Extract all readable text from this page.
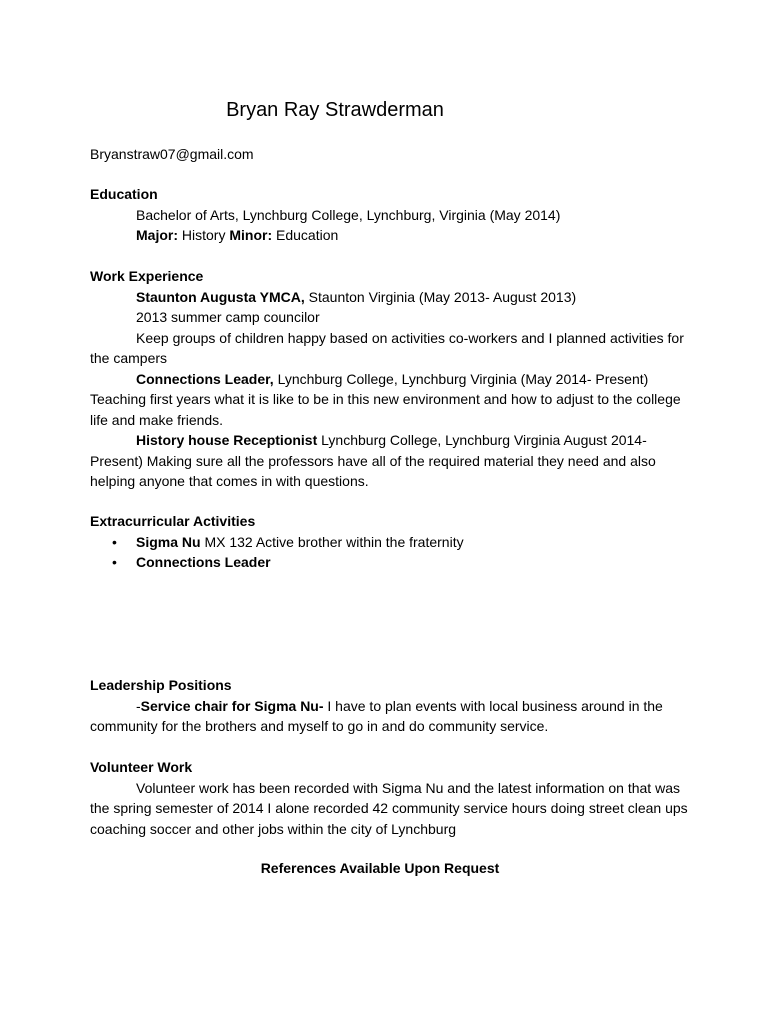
Bryan Ray Strawderman
Bryanstraw07@gmail.com
Education
Bachelor of Arts, Lynchburg College, Lynchburg, Virginia (May 2014)
Major: History Minor: Education
Work Experience
Staunton Augusta YMCA, Staunton Virginia (May 2013- August 2013)
2013 summer camp councilor
Keep groups of children happy based on activities co-workers and I planned activities for the campers
Connections Leader, Lynchburg College, Lynchburg Virginia (May 2014- Present) Teaching first years what it is like to be in this new environment and how to adjust to the college life and make friends.
History house Receptionist Lynchburg College, Lynchburg Virginia August 2014- Present) Making sure all the professors have all of the required material they need and also helping anyone that comes in with questions.
Extracurricular Activities
• Sigma Nu MX 132 Active brother within the fraternity
• Connections Leader
Leadership Positions
-Service chair for Sigma Nu- I have to plan events with local business around in the community for the brothers and myself to go in and do community service.
Volunteer Work
Volunteer work has been recorded with Sigma Nu and the latest information on that was the spring semester of 2014 I alone recorded 42 community service hours doing street clean ups coaching soccer and other jobs within the city of Lynchburg
References Available Upon Request
